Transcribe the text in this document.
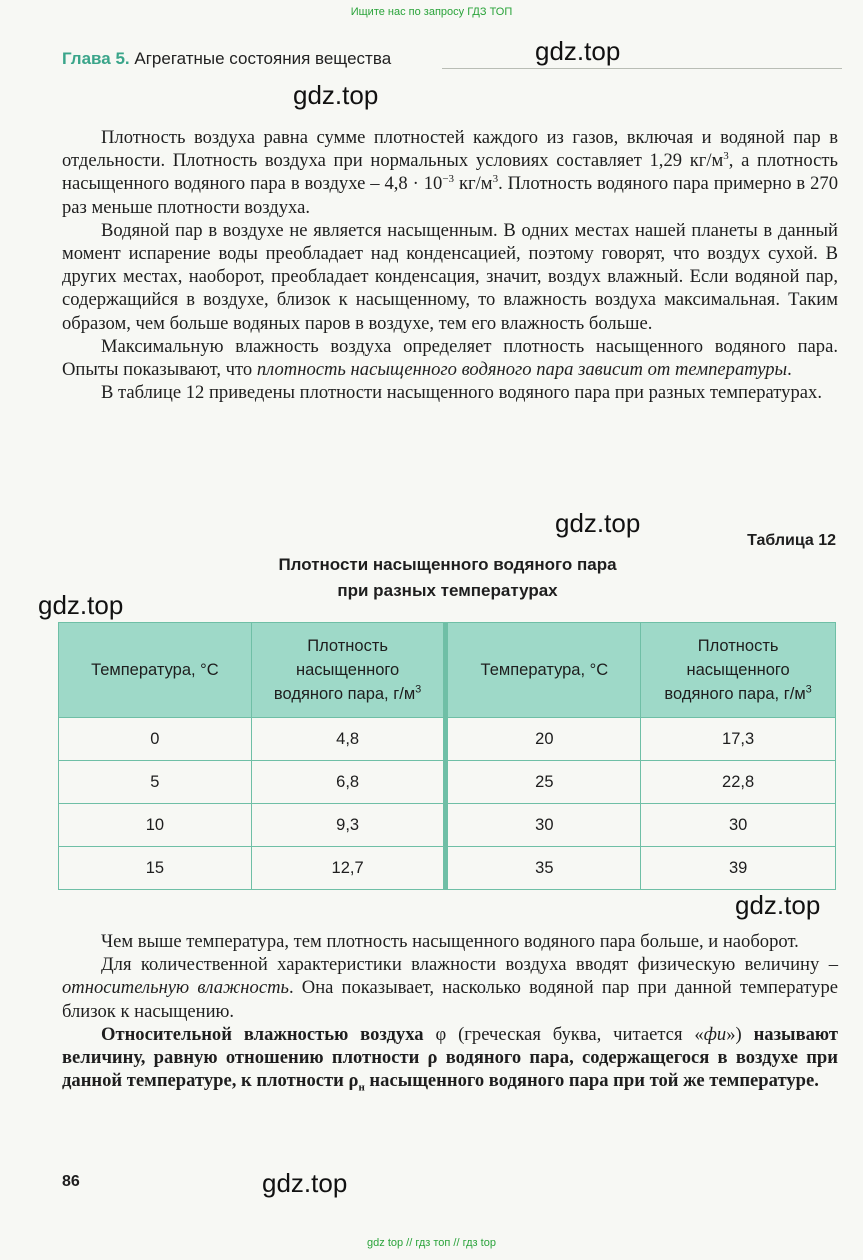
Ищите нас по запросу ГДЗ ТОП
Глава 5. Агрегатные состояния вещества	gdz.top
gdz.top

Плотность воздуха равна сумме плотностей каждого из газов, включая и водяной пар в отдельности. Плотность воздуха при нормальных условиях составляет 1,29 $кг/м^3$, а плотность насыщенного водяного пара в воздухе – $4,8 \cdot 10^{-3}$ $кг/м^3$. Плотность водяного пара примерно в 270 раз меньше плотности воздуха.

Водяной пар в воздухе не является насыщенным. В одних местах нашей планеты в данный момент испарение воды преобладает над конденсацией, поэтому говорят, что воздух сухой. В других местах, наоборот, преобладает конденсация, значит, воздух влажный. Если водяной пар, содержащийся в воздухе, близок к насыщенному, то влажность воздуха максимальная. Таким образом, чем больше водяных паров в воздухе, тем его влажность больше.

Максимальную влажность воздуха определяет плотность насыщенного водяного пара. Опыты показывают, что плотность насыщенного водяного пара зависит от температуры.

В таблице 12 приведены плотности насыщенного водяного пара при разных температурах.

gdz.top
Таблица 12
Плотности насыщенного водяного пара
при разных температурах
gdz.top
Температура, °С	Плотность
насыщенного
водяного пара, $г/м^3$	Температура, °С	Плотность
насыщенного
водяного пара, $г/м^3$
0	4,8	20	17,3
5	6,8	25	22,8
10	9,3	30	30
15	12,7	35	39
gdz.top

Чем выше температура, тем плотность насыщенного водяного пара больше, и наоборот.

Для количественной характеристики влажности воздуха вводят физическую величину – относительную влажность. Она показывает, насколько водяной пар при данной температуре близок к насыщению.

Относительной влажностью воздуха φ (греческая буква, читается «фи») называют величину, равную отношению плотности ρ водяного пара, содержащегося в воздухе при данной температуре, к плотности $\rho_н$ насыщенного водяного пара при той же температуре.

86	gdz.top
gdz top // гдз топ // гдз top
